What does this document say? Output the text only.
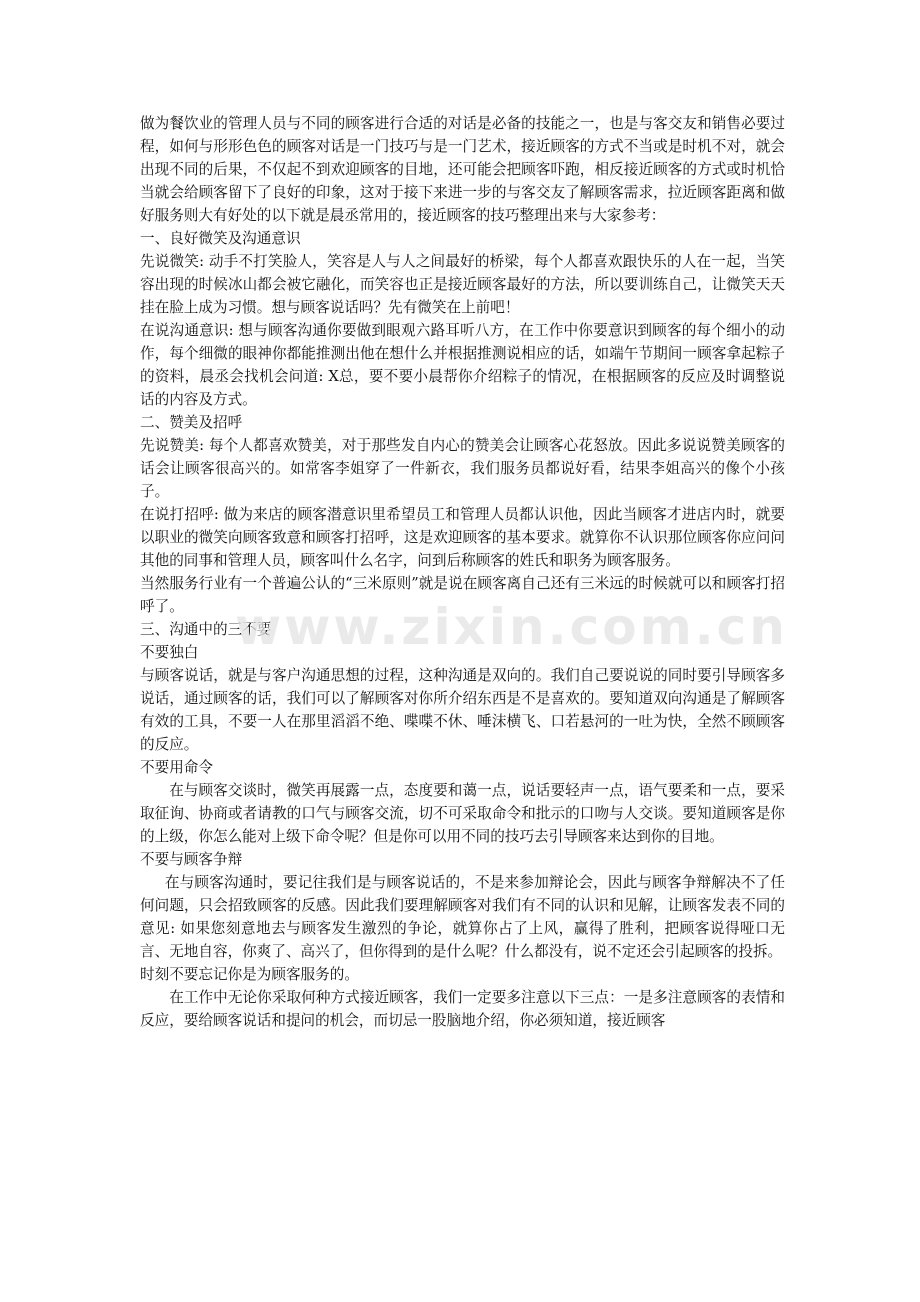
做为餐饮业的管理人员与不同的顾客进行合适的对话是必备的技能之一，也是与客交友和销售必要过程，如何与形形色色的顾客对话是一门技巧与是一门艺术，接近顾客的方式不当或是时机不对，就会出现不同的后果，不仅起不到欢迎顾客的目地，还可能会把顾客吓跑，相反接近顾客的方式或时机恰当就会给顾客留下了良好的印象，这对于接下来进一步的与客交友了解顾客需求，拉近顾客距离和做好服务则大有好处的以下就是晨丞常用的，接近顾客的技巧整理出来与大家参考：

一、良好微笑及沟通意识

先说微笑: 动手不打笑脸人，笑容是人与人之间最好的桥梁，每个人都喜欢跟快乐的人在一起，当笑容出现的时候冰山都会被它融化，而笑容也正是接近顾客最好的方法，所以要训练自己，让微笑天天挂在脸上成为习惯。想与顾客说话吗？先有微笑在上前吧！

在说沟通意识: 想与顾客沟通你要做到眼观六路耳听八方，在工作中你要意识到顾客的每个细小的动作，每个细微的眼神你都能推测出他在想什么并根据推测说相应的话，如端午节期间一顾客拿起粽子的资料，晨丞会找机会问道: X总，要不要小晨帮你介绍粽子的情况，在根据顾客的反应及时调整说话的内容及方式。

二、赞美及招呼

先说赞美: 每个人都喜欢赞美，对于那些发自内心的赞美会让顾客心花怒放。因此多说说赞美顾客的话会让顾客很高兴的。如常客李姐穿了一件新衣，我们服务员都说好看，结果李姐高兴的像个小孩子。

在说打招呼: 做为来店的顾客潜意识里希望员工和管理人员都认识他，因此当顾客才进店内时，就要以职业的微笑向顾客致意和顾客打招呼，这是欢迎顾客的基本要求。就算你不认识那位顾客你应问问其他的同事和管理人员，顾客叫什么名字，问到后称顾客的姓氏和职务为顾客服务。

当然服务行业有一个普遍公认的“三米原则”就是说在顾客离自己还有三米远的时候就可以和顾客打招呼了。

三、沟通中的三不要

不要独白

与顾客说话，就是与客户沟通思想的过程，这种沟通是双向的。我们自己要说说的同时要引导顾客多说话，通过顾客的话，我们可以了解顾客对你所介绍东西是不是喜欢的。要知道双向沟通是了解顾客有效的工具，不要一人在那里滔滔不绝、喋喋不休、唾沫横飞、口若悬河的一吐为快，全然不顾顾客的反应。

不要用命令

在与顾客交谈时，微笑再展露一点，态度要和蔼一点，说话要轻声一点，语气要柔和一点，要采取征询、协商或者请教的口气与顾客交流，切不可采取命令和批示的口吻与人交谈。要知道顾客是你的上级，你怎么能对上级下命令呢？但是你可以用不同的技巧去引导顾客来达到你的目地。

不要与顾客争辩

在与顾客沟通时，要记往我们是与顾客说话的，不是来参加辩论会，因此与顾客争辩解决不了任何问题，只会招致顾客的反感。因此我们要理解顾客对我们有不同的认识和见解，让顾客发表不同的意见: 如果您刻意地去与顾客发生激烈的争论，就算你占了上风，赢得了胜利，把顾客说得哑口无言、无地自容，你爽了、高兴了，但你得到的是什么呢？什么都没有，说不定还会引起顾客的投拆。

时刻不要忘记你是为顾客服务的。

在工作中无论你采取何种方式接近顾客，我们一定要多注意以下三点：一是多注意顾客的表情和反应，要给顾客说话和提问的机会，而切忌一股脑地介绍，你必须知道，接近顾客

www.zixin.com.cn
